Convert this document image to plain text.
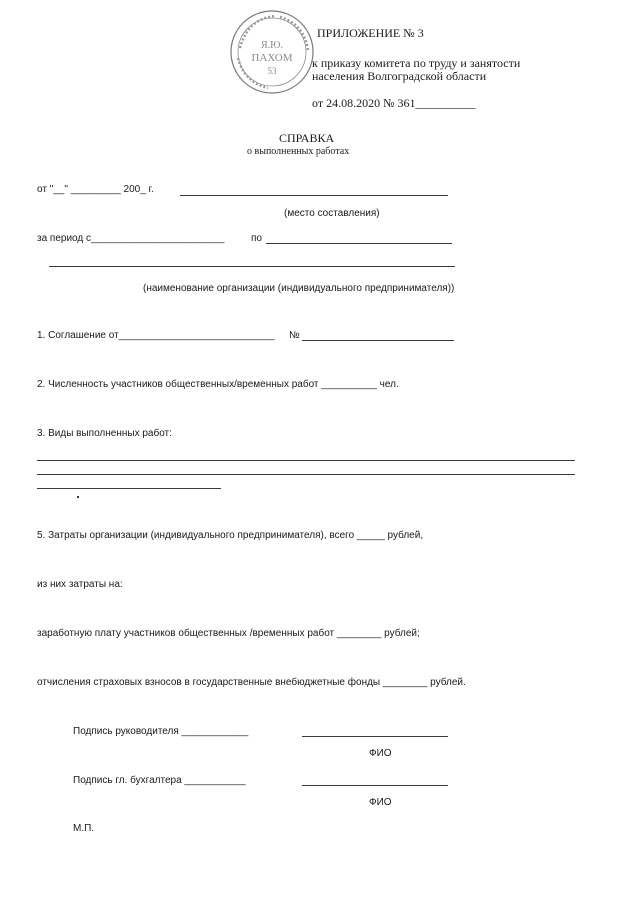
Я.Ю.
ПАХОМ
53
ПРИЛОЖЕНИЕ № 3
к приказу комитета по труду и занятости
населения Волгоградской области
от 24.08.2020 № 361__________
СПРАВКА
о выполненных работах
от "__" _________ 200_ г.
(место составления)
за период с________________________	по
(наименование организации (индивидуального предпринимателя))
1. Соглашение от____________________________ №
2. Численность участников общественных/временных работ __________ чел.
3. Виды выполненных работ:
5. Затраты организации (индивидуального предпринимателя), всего _____ рублей,
из них затраты на:
заработную плату участников общественных /временных работ ________ рублей;
отчисления страховых взносов в государственные внебюджетные фонды ________ рублей.
Подпись руководителя ____________
ФИО
Подпись гл. бухгалтера ___________
ФИО
М.П.
